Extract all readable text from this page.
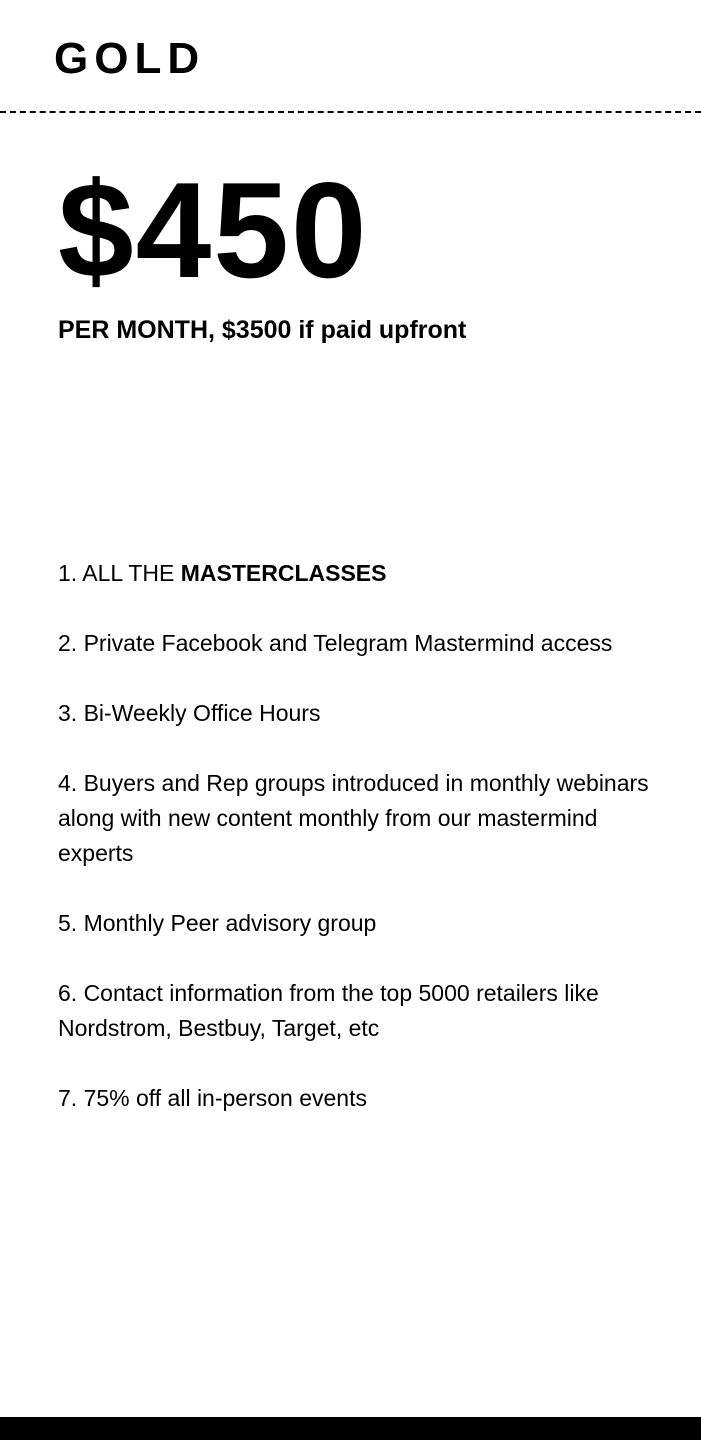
GOLD
$450
PER MONTH, $3500 if paid upfront
1. ALL THE MASTERCLASSES
2. Private Facebook and Telegram Mastermind access
3. Bi-Weekly Office Hours
4. Buyers and Rep groups introduced in monthly webinars along with new content monthly from our mastermind experts
5. Monthly Peer advisory group
6. Contact information from the top 5000 retailers like Nordstrom, Bestbuy, Target, etc
7. 75% off all in-person events
